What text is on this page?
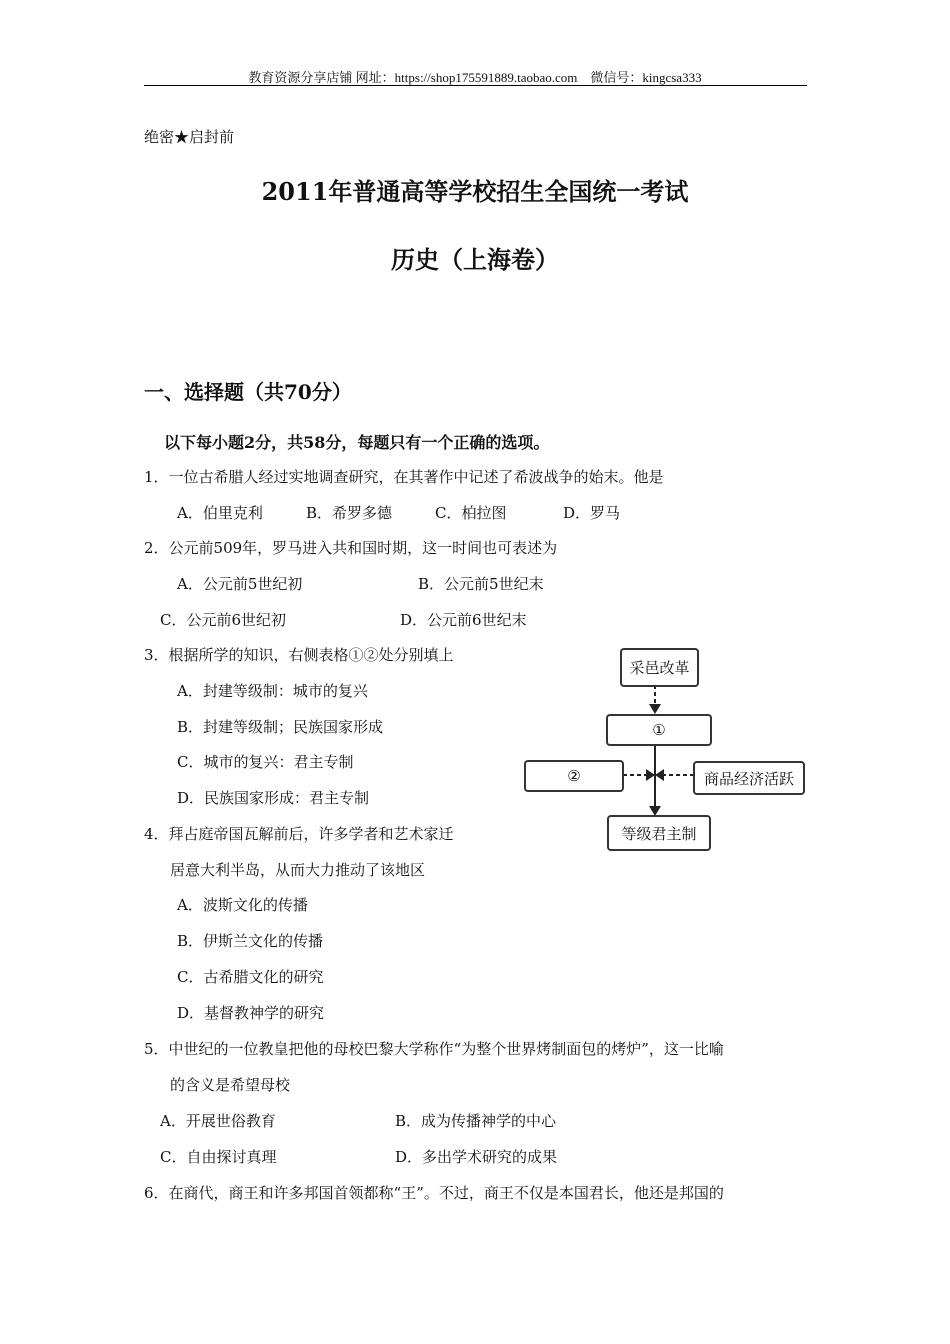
教育资源分享店铺 网址：https://shop175591889.taobao.com　微信号：kingcsa333
绝密★启封前
2011年普通高等学校招生全国统一考试
历史（上海卷）
一、选择题（共70分）
以下每小题2分，共58分，每题只有一个正确的选项。
1．一位古希腊人经过实地调查研究，在其著作中记述了希波战争的始末。他是
A．伯里克利	B．希罗多德	C．柏拉图	D．罗马
2．公元前509年，罗马进入共和国时期，这一时间也可表述为
A．公元前5世纪初	B．公元前5世纪末
C．公元前6世纪初	D．公元前6世纪末
3．根据所学的知识，右侧表格①②处分别填上
A．封建等级制：城市的复兴
B．封建等级制；民族国家形成
C．城市的复兴：君主专制
D．民族国家形成：君主专制
采邑改革
①
②	商品经济活跃
等级君主制
4．拜占庭帝国瓦解前后，许多学者和艺术家迁
居意大利半岛，从而大力推动了该地区
A．波斯文化的传播
B．伊斯兰文化的传播
C．古希腊文化的研究
D．基督教神学的研究
5．中世纪的一位教皇把他的母校巴黎大学称作“为整个世界烤制面包的烤炉”，这一比喻
的含义是希望母校
A．开展世俗教育	B．成为传播神学的中心
C．自由探讨真理	D．多出学术研究的成果
6．在商代，商王和许多邦国首领都称“王”。不过，商王不仅是本国君长，他还是邦国的
